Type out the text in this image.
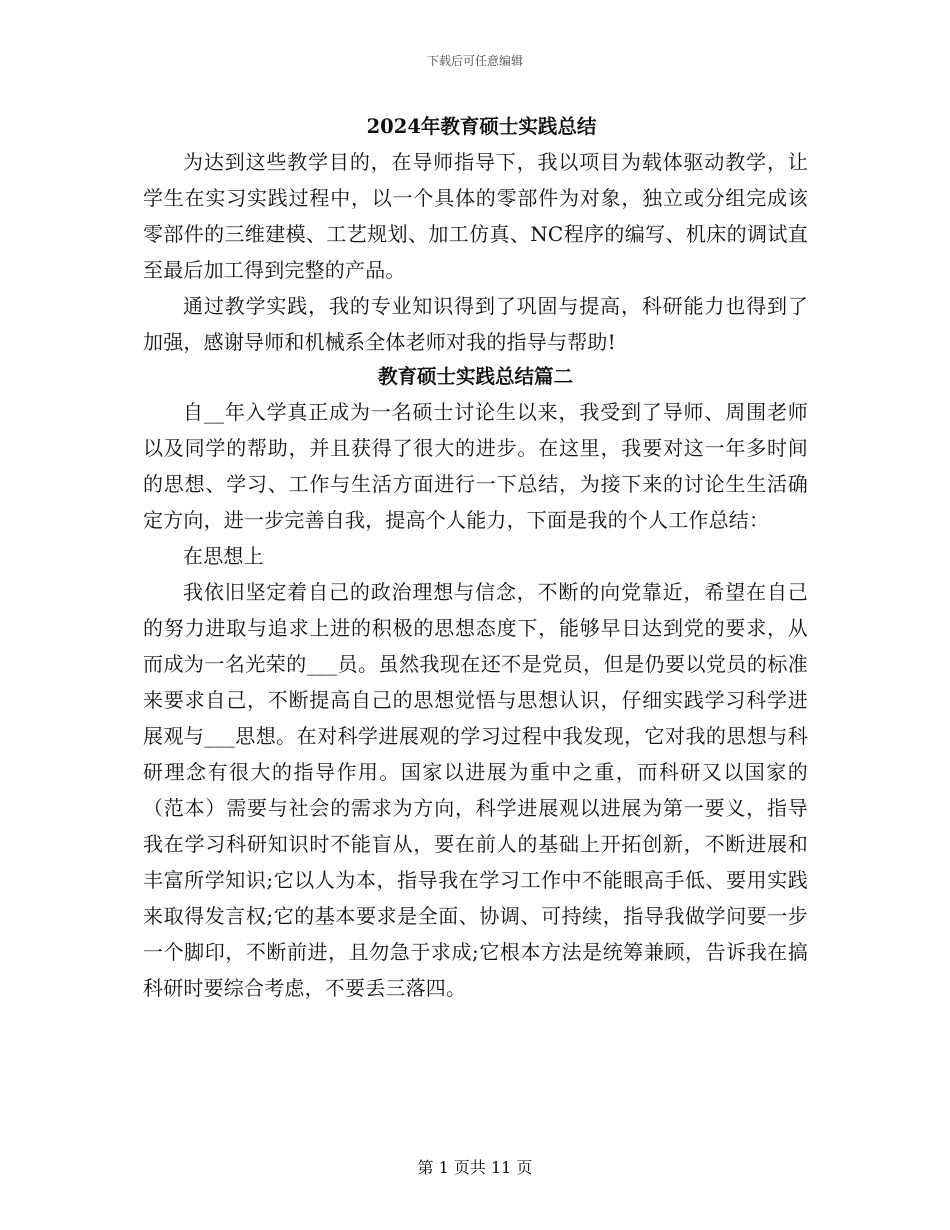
下载后可任意编辑
2024年教育硕士实践总结

为达到这些教学目的，在导师指导下，我以项目为载体驱动教学，让学生在实习实践过程中，以一个具体的零部件为对象，独立或分组完成该零部件的三维建模、工艺规划、加工仿真、NC程序的编写、机床的调试直至最后加工得到完整的产品。

通过教学实践，我的专业知识得到了巩固与提高，科研能力也得到了加强，感谢导师和机械系全体老师对我的指导与帮助!

教育硕士实践总结篇二

自__年入学真正成为一名硕士讨论生以来，我受到了导师、周围老师以及同学的帮助，并且获得了很大的进步。在这里，我要对这一年多时间的思想、学习、工作与生活方面进行一下总结，为接下来的讨论生生活确定方向，进一步完善自我，提高个人能力，下面是我的个人工作总结：

在思想上

我依旧坚定着自己的政治理想与信念，不断的向党靠近，希望在自己的努力进取与追求上进的积极的思想态度下，能够早日达到党的要求，从而成为一名光荣的___员。虽然我现在还不是党员，但是仍要以党员的标准来要求自己，不断提高自己的思想觉悟与思想认识，仔细实践学习科学进展观与___思想。在对科学进展观的学习过程中我发现，它对我的思想与科研理念有很大的指导作用。国家以进展为重中之重，而科研又以国家的（范本）需要与社会的需求为方向，科学进展观以进展为第一要义，指导我在学习科研知识时不能盲从，要在前人的基础上开拓创新，不断进展和丰富所学知识;它以人为本，指导我在学习工作中不能眼高手低、要用实践来取得发言权;它的基本要求是全面、协调、可持续，指导我做学问要一步一个脚印，不断前进，且勿急于求成;它根本方法是统筹兼顾，告诉我在搞科研时要综合考虑，不要丢三落四。

第 1 页共 11 页
